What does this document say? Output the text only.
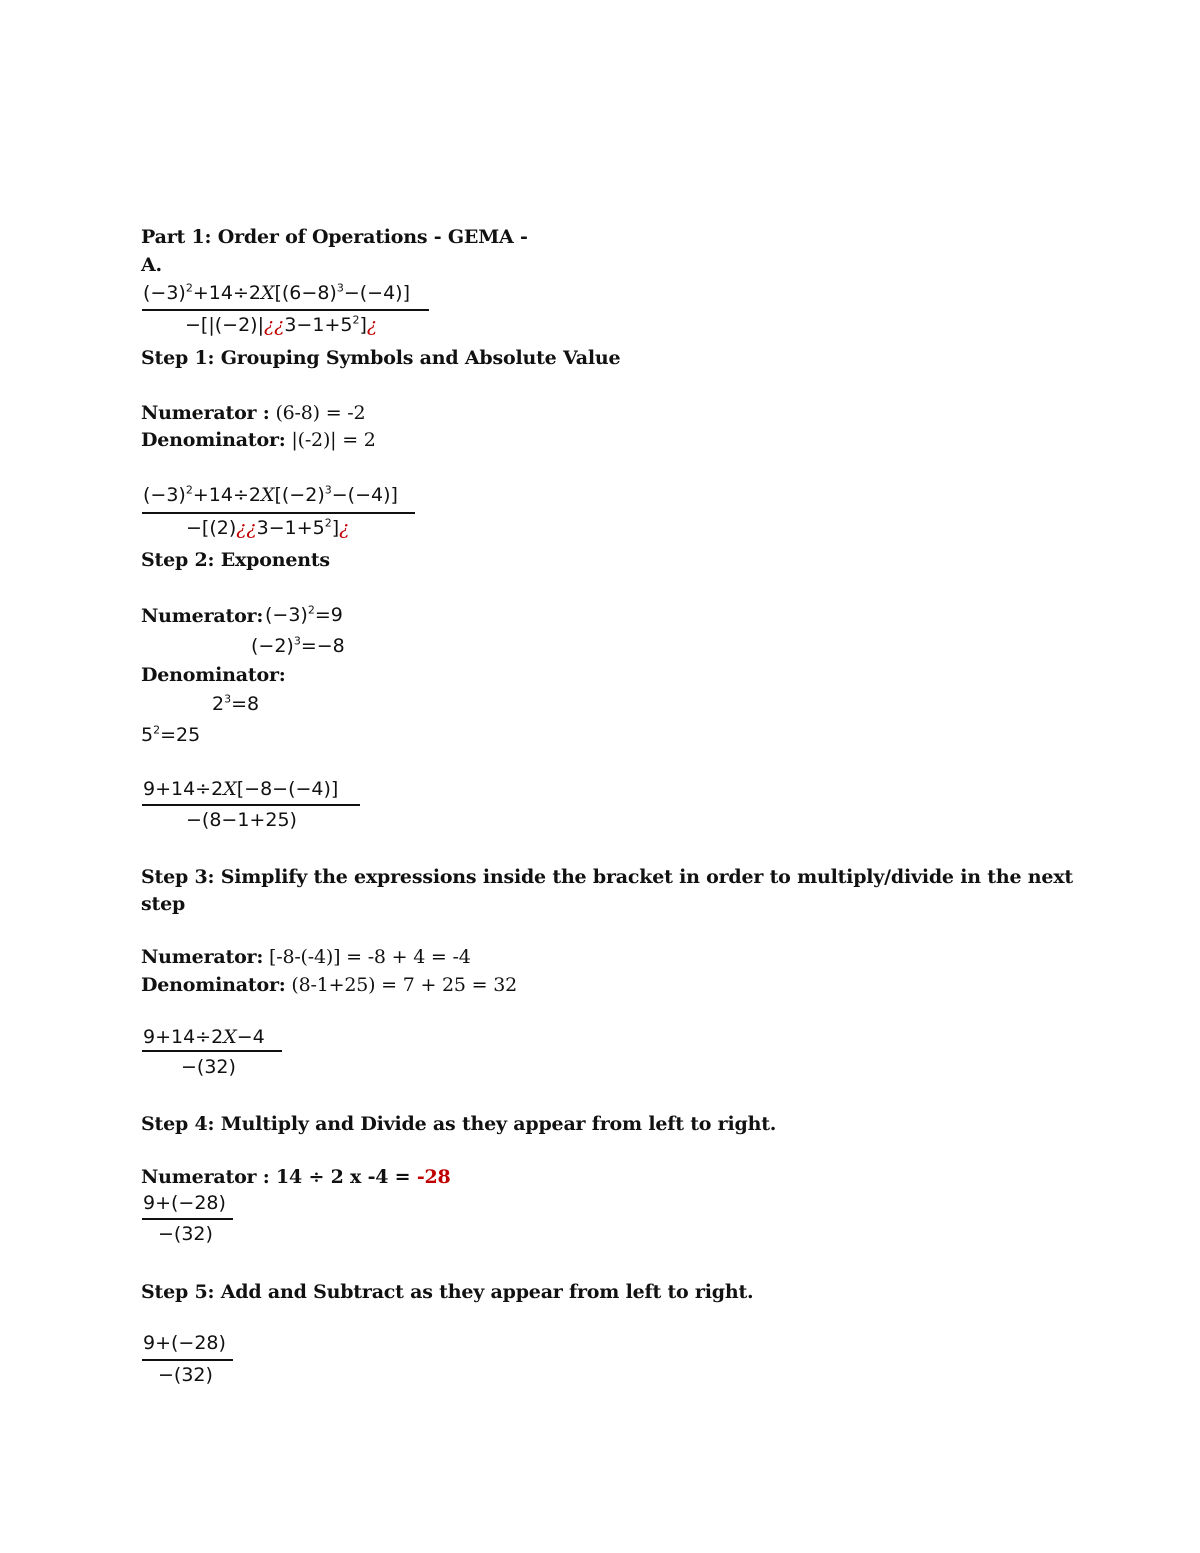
Part 1: Order of Operations - GEMA -
A.
$(-3)^2+14\div 2X[(6-8)^3-(-4)]$
$-[|(-2)|¿¿3-1+5^2]¿$
Step 1: Grouping Symbols and Absolute Value
Numerator : (6-8) = -2
Denominator: |(-2)| = 2
$(-3)^2+14\div 2X[(-2)^3-(-4)]$
$-[(2)¿¿3-1+5^2]¿$
Step 2: Exponents
Numerator: $(-3)^2=9$
$(-2)^3=-8$
Denominator:
$2^3=8$
$5^2=25$
9+14÷2X[−8−(−4)]
−(8−1+25)
Step 3: Simplify the expressions inside the bracket in order to multiply/divide in the next
step
Numerator: [-8-(-4)] = -8 + 4 = -4
Denominator: (8-1+25) = 7 + 25 = 32
9+14÷2X−4
−(32)
Step 4: Multiply and Divide as they appear from left to right.
Numerator : 14 ÷ 2 x -4 = -28
9+(−28)
−(32)
Step 5: Add and Subtract as they appear from left to right.
9+(−28)
−(32)
